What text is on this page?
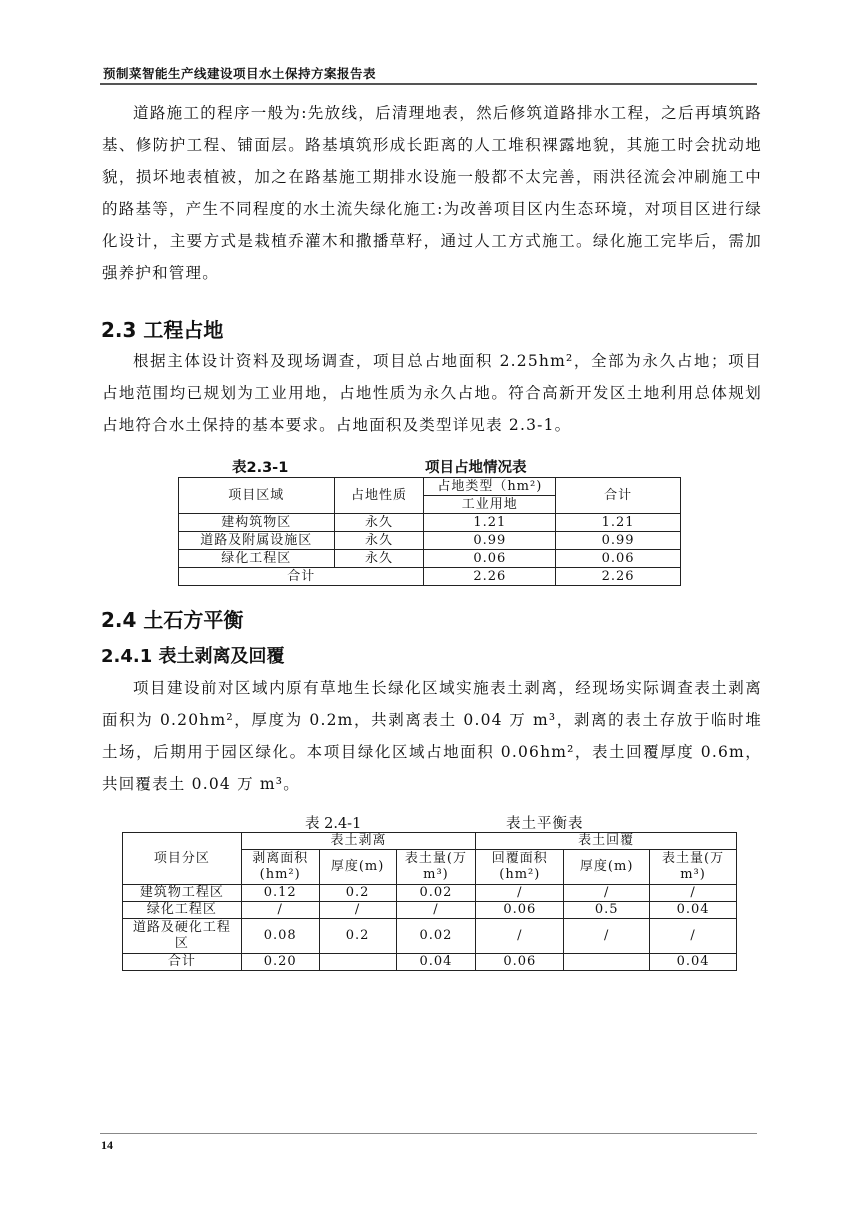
预制菜智能生产线建设项目水土保持方案报告表
道路施工的程序一般为:先放线，后清理地表，然后修筑道路排水工程，之后再填筑路基、修防护工程、铺面层。路基填筑形成长距离的人工堆积裸露地貌，其施工时会扰动地貌，损坏地表植被，加之在路基施工期排水设施一般都不太完善，雨洪径流会冲刷施工中的路基等，产生不同程度的水土流失绿化施工:为改善项目区内生态环境，对项目区进行绿化设计，主要方式是栽植乔灌木和撒播草籽，通过人工方式施工。绿化施工完毕后，需加强养护和管理。
2.3 工程占地
根据主体设计资料及现场调查，项目总占地面积 2.25hm²，全部为永久占地；项目占地范围均已规划为工业用地，占地性质为永久占地。符合高新开发区土地利用总体规划占地符合水土保持的基本要求。占地面积及类型详见表 2.3-1。
表2.3-1	项目占地情况表
项目区域	占地性质	占地类型（hm²)	合计
		工业用地	
建构筑物区	永久	1.21	1.21
道路及附属设施区	永久	0.99	0.99
绿化工程区	永久	0.06	0.06
合计		2.26	2.26
2.4 土石方平衡
2.4.1 表土剥离及回覆
项目建设前对区域内原有草地生长绿化区域实施表土剥离，经现场实际调查表土剥离面积为 0.20hm²，厚度为 0.2m，共剥离表土 0.04 万 m³，剥离的表土存放于临时堆土场，后期用于园区绿化。本项目绿化区域占地面积 0.06hm²，表土回覆厚度 0.6m，共回覆表土 0.04 万 m³。
表 2.4-1	表土平衡表
项目分区	表土剥离			表土回覆		
	剥离面积(hm²)	厚度(m)	表土量(万 m³)	回覆面积(hm²)	厚度(m)	表土量(万 m³)
建筑物工程区	0.12	0.2	0.02	/	/	/
绿化工程区	/	/	/	0.06	0.5	0.04
道路及硬化工程区	0.08	0.2	0.02	/	/	/
合计	0.20		0.04	0.06		0.04
14
